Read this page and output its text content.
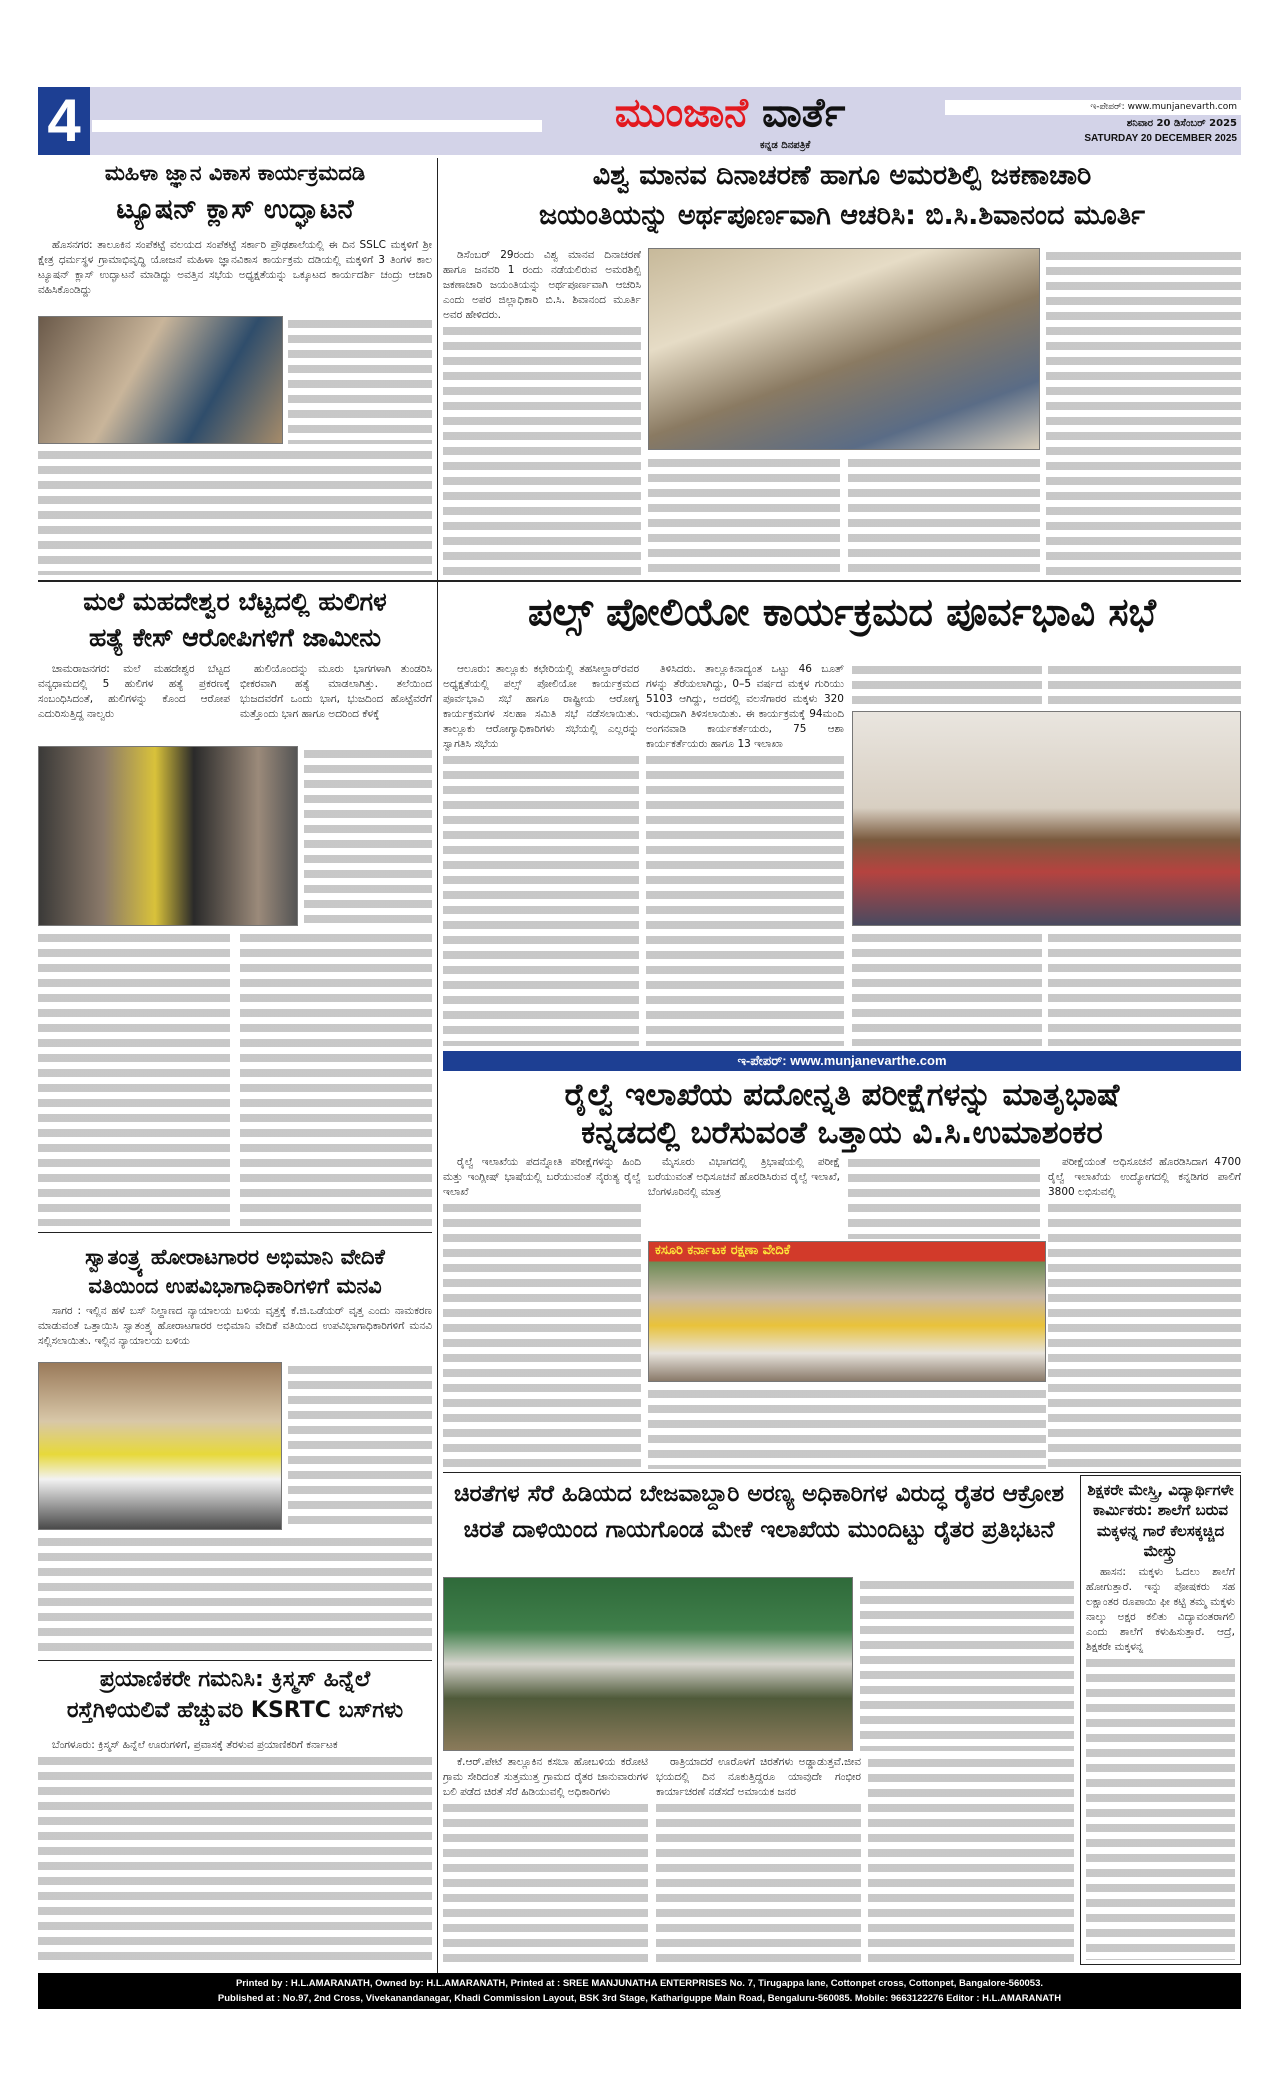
4	ಮುಂಜಾನೆ ವಾರ್ತೆ
ಕನ್ನಡ ದಿನಪತ್ರಿಕೆ
ಇ-ಪೇಪರ್: www.munjanevarth.com
ಶನಿವಾರ 20 ಡಿಸೆಂಬರ್ 2025
SATURDAY 20 DECEMBER 2025
ಮಹಿಳಾ ಜ್ಞಾನ ವಿಕಾಸ ಕಾರ್ಯಕ್ರಮದಡಿ
ಟ್ಯೂಷನ್ ಕ್ಲಾಸ್ ಉದ್ಘಾಟನೆ

ಹೊಸನಗರ: ತಾಲೂಕಿನ ಸಂಪೆಕಟ್ಟೆ ವಲಯದ ಸಂಪೆಕಟ್ಟೆ ಸರ್ಕಾರಿ ಪ್ರೌಢಶಾಲೆಯಲ್ಲಿ ಈ ದಿನ SSLC ಮಕ್ಕಳಿಗೆ ಶ್ರೀ ಕ್ಷೇತ್ರ ಧರ್ಮಸ್ಥಳ ಗ್ರಾಮಾಭಿವೃದ್ಧಿ ಯೋಜನೆ ಮಹಿಳಾ ಜ್ಞಾನವಿಕಾಸ ಕಾರ್ಯಕ್ರಮ ದಡಿಯಲ್ಲಿ ಮಕ್ಕಳಿಗೆ 3 ತಿಂಗಳ ಕಾಲ ಟ್ಯೂಷನ್ ಕ್ಲಾಸ್ ಉದ್ಘಾಟನೆ ಮಾಡಿದ್ದು ಅವತ್ತಿನ ಸಭೆಯ ಅಧ್ಯಕ್ಷತೆಯನ್ನು ಒಕ್ಕೂಟದ ಕಾರ್ಯದರ್ಶಿ ಚಂದ್ರು ಆಚಾರಿ ವಹಿಸಿಕೊಂಡಿದ್ದು

ವಿಶ್ವ ಮಾನವ ದಿನಾಚರಣೆ ಹಾಗೂ ಅಮರಶಿಲ್ಪಿ ಜಕಣಾಚಾರಿ
ಜಯಂತಿಯನ್ನು ಅರ್ಥಪೂರ್ಣವಾಗಿ ಆಚರಿಸಿ: ಬಿ.ಸಿ.ಶಿವಾನಂದ ಮೂರ್ತಿ

ಡಿಸೆಂಬರ್ 29ರಂದು ವಿಶ್ವ ಮಾನವ ದಿನಾಚರಣೆ ಹಾಗೂ ಜನವರಿ 1 ರಂದು ನಡೆಯಲಿರುವ ಅಮರಶಿಲ್ಪಿ ಜಕಣಾಚಾರಿ ಜಯಂತಿಯನ್ನು ಅರ್ಥಪೂರ್ಣವಾಗಿ ಆಚರಿಸಿ ಎಂದು ಅಪರ ಜಿಲ್ಲಾಧಿಕಾರಿ ಬಿ.ಸಿ. ಶಿವಾನಂದ ಮೂರ್ತಿ ಅವರ ಹೇಳಿದರು.

ಮಲೆ ಮಹದೇಶ್ವರ ಬೆಟ್ಟದಲ್ಲಿ ಹುಲಿಗಳ
ಹತ್ಯೆ ಕೇಸ್ ಆರೋಪಿಗಳಿಗೆ ಜಾಮೀನು

ಚಾಮರಾಜನಗರ: ಮಲೆ ಮಹದೇಶ್ವರ ಬೆಟ್ಟದ ವನ್ಯಧಾಮದಲ್ಲಿ 5 ಹುಲಿಗಳ ಹತ್ಯೆ ಪ್ರಕರಣಕ್ಕೆ ಸಂಬಂಧಿಸಿದಂತೆ, ಹುಲಿಗಳನ್ನು ಕೊಂದ ಆರೋಪ ಎದುರಿಸುತ್ತಿದ್ದ ನಾಲ್ವರು

ಹುಲಿಯೊಂದನ್ನು ಮೂರು ಭಾಗಗಳಾಗಿ ತುಂಡರಿಸಿ ಭೀಕರವಾಗಿ ಹತ್ಯೆ ಮಾಡಲಾಗಿತ್ತು. ತಲೆಯಿಂದ ಭುಜದವರೆಗೆ ಒಂದು ಭಾಗ, ಭುಜದಿಂದ ಹೊಟ್ಟೆವರೆಗೆ ಮತ್ತೊಂದು ಭಾಗ ಹಾಗೂ ಅದರಿಂದ ಕೆಳಕ್ಕೆ

ಪಲ್ಸ್ ಪೋಲಿಯೋ ಕಾರ್ಯಕ್ರಮದ ಪೂರ್ವಭಾವಿ ಸಭೆ

ಆಲೂರು: ತಾಲ್ಲೂಕು ಕಛೇರಿಯಲ್ಲಿ ತಹಸೀಲ್ದಾರ್‌ರವರ ಅಧ್ಯಕ್ಷತೆಯಲ್ಲಿ ಪಲ್ಸ್ ಪೋಲಿಯೋ ಕಾರ್ಯಕ್ರಮದ ಪೂರ್ವಭಾವಿ ಸಭೆ ಹಾಗೂ ರಾಷ್ಟ್ರೀಯ ಆರೋಗ್ಯ ಕಾರ್ಯಕ್ರಮಗಳ ಸಲಹಾ ಸಮಿತಿ ಸಭೆ ನಡೆಸಲಾಯಿತು. ತಾಲ್ಲೂಕು ಆರೋಗ್ಯಾಧಿಕಾರಿಗಳು ಸಭೆಯಲ್ಲಿ ಎಲ್ಲರನ್ನು ಸ್ವಾಗತಿಸಿ ಸಭೆಯ

ತಿಳಿಸಿದರು. ತಾಲ್ಲೂಕಿನಾದ್ಯಂತ ಒಟ್ಟು 46 ಬೂತ್ ಗಳನ್ನು ತೆರೆಯಲಾಗಿದ್ದು, 0–5 ವರ್ಷದ ಮಕ್ಕಳ ಗುರಿಯು 5103 ಆಗಿದ್ದು, ಅದರಲ್ಲಿ ವಲಸೆಗಾರರ ಮಕ್ಕಳು 320 ಇರುವುದಾಗಿ ತಿಳಿಸಲಾಯಿತು. ಈ ಕಾರ್ಯಕ್ರಮಕ್ಕೆ 94ಮಂದಿ ಅಂಗನವಾಡಿ ಕಾರ್ಯಕರ್ತೆಯರು, 75 ಆಶಾ ಕಾರ್ಯಕರ್ತೆಯರು ಹಾಗೂ 13 ಇಲಾಖಾ

ಇ-ಪೇಪರ್: www.munjanevarthe.com
ರೈಲ್ವೆ ಇಲಾಖೆಯ ಪದೋನ್ನತಿ ಪರೀಕ್ಷೆಗಳನ್ನು ಮಾತೃಭಾಷೆ
ಕನ್ನಡದಲ್ಲಿ ಬರೆಸುವಂತೆ ಒತ್ತಾಯ ವಿ.ಸಿ.ಉಮಾಶಂಕರ

ರೈಲ್ವೆ ಇಲಾಖೆಯ ಪದನ್ನೋತಿ ಪರೀಕ್ಷೆಗಳನ್ನು ಹಿಂದಿ ಮತ್ತು ಇಂಗ್ಲೀಷ್ ಭಾಷೆಯಲ್ಲಿ ಬರೆಯುವಂತೆ ನೈರುತ್ಯ ರೈಲ್ವೆ ಇಲಾಖೆ

ಮೈಸೂರು ವಿಭಾಗದಲ್ಲಿ ತ್ರಿಭಾಷೆಯಲ್ಲಿ ಪರೀಕ್ಷೆ ಬರೆಯುವಂತೆ ಅಧಿಸೂಚನೆ ಹೊರಡಿಸಿರುವ ರೈಲ್ವೆ ಇಲಾಖೆ, ಬೆಂಗಳೂರಿನಲ್ಲಿ ಮಾತ್ರ

ಕಸೂರಿ ಕರ್ನಾಟಕ ರಕ್ಷಣಾ ವೇದಿಕೆ

ಪರೀಕ್ಷೆಯಂತೆ ಅಧಿಸೂಚನೆ ಹೊರಡಿಸಿದಾಗ 4700 ರೈಲ್ವೆ ಇಲಾಖೆಯ ಉದ್ಯೋಗದಲ್ಲಿ ಕನ್ನಡಿಗರ ಪಾಲಿಗೆ 3800 ಲಭಿಸುವಲ್ಲಿ

ಸ್ವಾತಂತ್ರ್ಯ ಹೋರಾಟಗಾರರ ಅಭಿಮಾನಿ ವೇದಿಕೆ
ವತಿಯಿಂದ ಉಪವಿಭಾಗಾಧಿಕಾರಿಗಳಿಗೆ ಮನವಿ

ಸಾಗರ : ಇಲ್ಲಿನ ಹಳೆ ಬಸ್ ನಿಲ್ದಾಣದ ನ್ಯಾಯಾಲಯ ಬಳಿಯ ವೃತ್ತಕ್ಕೆ ಕೆ.ಜಿ.ಒಡೆಯರ್ ವೃತ್ತ ಎಂದು ನಾಮಕರಣ ಮಾಡುವಂತೆ ಒತ್ತಾಯಿಸಿ ಸ್ವಾತಂತ್ರ್ಯ ಹೋರಾಟಗಾರರ ಅಭಿಮಾನಿ ವೇದಿಕೆ ವತಿಯಿಂದ ಉಪವಿಭಾಗಾಧಿಕಾರಿಗಳಿಗೆ ಮನವಿ ಸಲ್ಲಿಸಲಾಯಿತು. ಇಲ್ಲಿನ ನ್ಯಾಯಾಲಯ ಬಳಿಯ

ಪ್ರಯಾಣಿಕರೇ ಗಮನಿಸಿ: ಕ್ರಿಸ್ಮಸ್ ಹಿನ್ನೆಲೆ
ರಸ್ತೆಗಿಳಿಯಲಿವೆ ಹೆಚ್ಚುವರಿ KSRTC ಬಸ್‌ಗಳು

ಬೆಂಗಳೂರು: ಕ್ರಿಸ್ಮಸ್ ಹಿನ್ನೆಲೆ ಊರುಗಳಿಗೆ, ಪ್ರವಾಸಕ್ಕೆ ತೆರಳುವ ಪ್ರಯಾಣಿಕರಿಗೆ ಕರ್ನಾಟಕ

ಚಿರತೆಗಳ ಸೆರೆ ಹಿಡಿಯದ ಬೇಜವಾಬ್ದಾರಿ ಅರಣ್ಯ ಅಧಿಕಾರಿಗಳ ವಿರುದ್ಧ ರೈತರ ಆಕ್ರೋಶ
ಚಿರತೆ ದಾಳಿಯಿಂದ ಗಾಯಗೊಂಡ ಮೇಕೆ ಇಲಾಖೆಯ ಮುಂದಿಟ್ಟು ರೈತರ ಪ್ರತಿಭಟನೆ

ಕೆ.ಆರ್.ಪೇಟೆ ತಾಲ್ಲೂಕಿನ ಕಸಬಾ ಹೋಬಳಿಯ ಕರೋಟಿ ಗ್ರಾಮ ಸೇರಿದಂತೆ ಸುತ್ತಮುತ್ತ ಗ್ರಾಮದ ರೈತರ ಜಾನುವಾರುಗಳ ಬಲಿ ಪಡೆದ ಚಿರತೆ ಸೆರೆ ಹಿಡಿಯುವಲ್ಲಿ ಅಧಿಕಾರಿಗಳು

ರಾತ್ರಿಯಾದರೆ ಊರೊಳಗೆ ಚಿರತೆಗಳು ಅಡ್ಡಾಡುತ್ತವೆ.ಜೀವ ಭಯದಲ್ಲಿ ದಿನ ನೂಕುತ್ತಿದ್ದರೂ ಯಾವುದೇ ಗಂಭೀರ ಕಾರ್ಯಾಚರಣೆ ನಡೆಸದೆ ಅಮಾಯಕ ಜನರ

ಶಿಕ್ಷಕರೇ ಮೇಸ್ತ್ರಿ, ವಿದ್ಯಾರ್ಥಿಗಳೇ ಕಾರ್ಮಿಕರು: ಶಾಲೆಗೆ ಬರುವ ಮಕ್ಕಳನ್ನ ಗಾರೆ ಕೆಲಸಕ್ಕಚ್ಚಿದ ಮೇಸ್ತ್ರು

ಹಾಸನ: ಮಕ್ಕಳು ಓದಲು ಶಾಲೆಗೆ ಹೋಗುತ್ತಾರೆ. ಇನ್ನು ಪೋಷಕರು ಸಹ ಲಕ್ಷಾಂತರ ರೂಪಾಯಿ ಫೀ ಕಟ್ಟಿ ತಮ್ಮ ಮಕ್ಕಳು ನಾಲ್ಕು ಅಕ್ಷರ ಕಲಿತು ವಿದ್ಯಾವಂತರಾಗಲಿ ಎಂದು ಶಾಲೆಗೆ ಕಳುಹಿಸುತ್ತಾರೆ. ಆದ್ರೆ, ಶಿಕ್ಷಕರೇ ಮಕ್ಕಳನ್ನ

Printed by : H.L.AMARANATH, Owned by: H.L.AMARANATH, Printed at : SREE MANJUNATHA ENTERPRISES No. 7, Tirugappa lane, Cottonpet cross, Cottonpet, Bangalore-560053.
Published at : No.97, 2nd Cross, Vivekanandanagar, Khadi Commission Layout, BSK 3rd Stage, Kathariguppe Main Road, Bengaluru-560085. Mobile: 9663122276 Editor : H.L.AMARANATH
